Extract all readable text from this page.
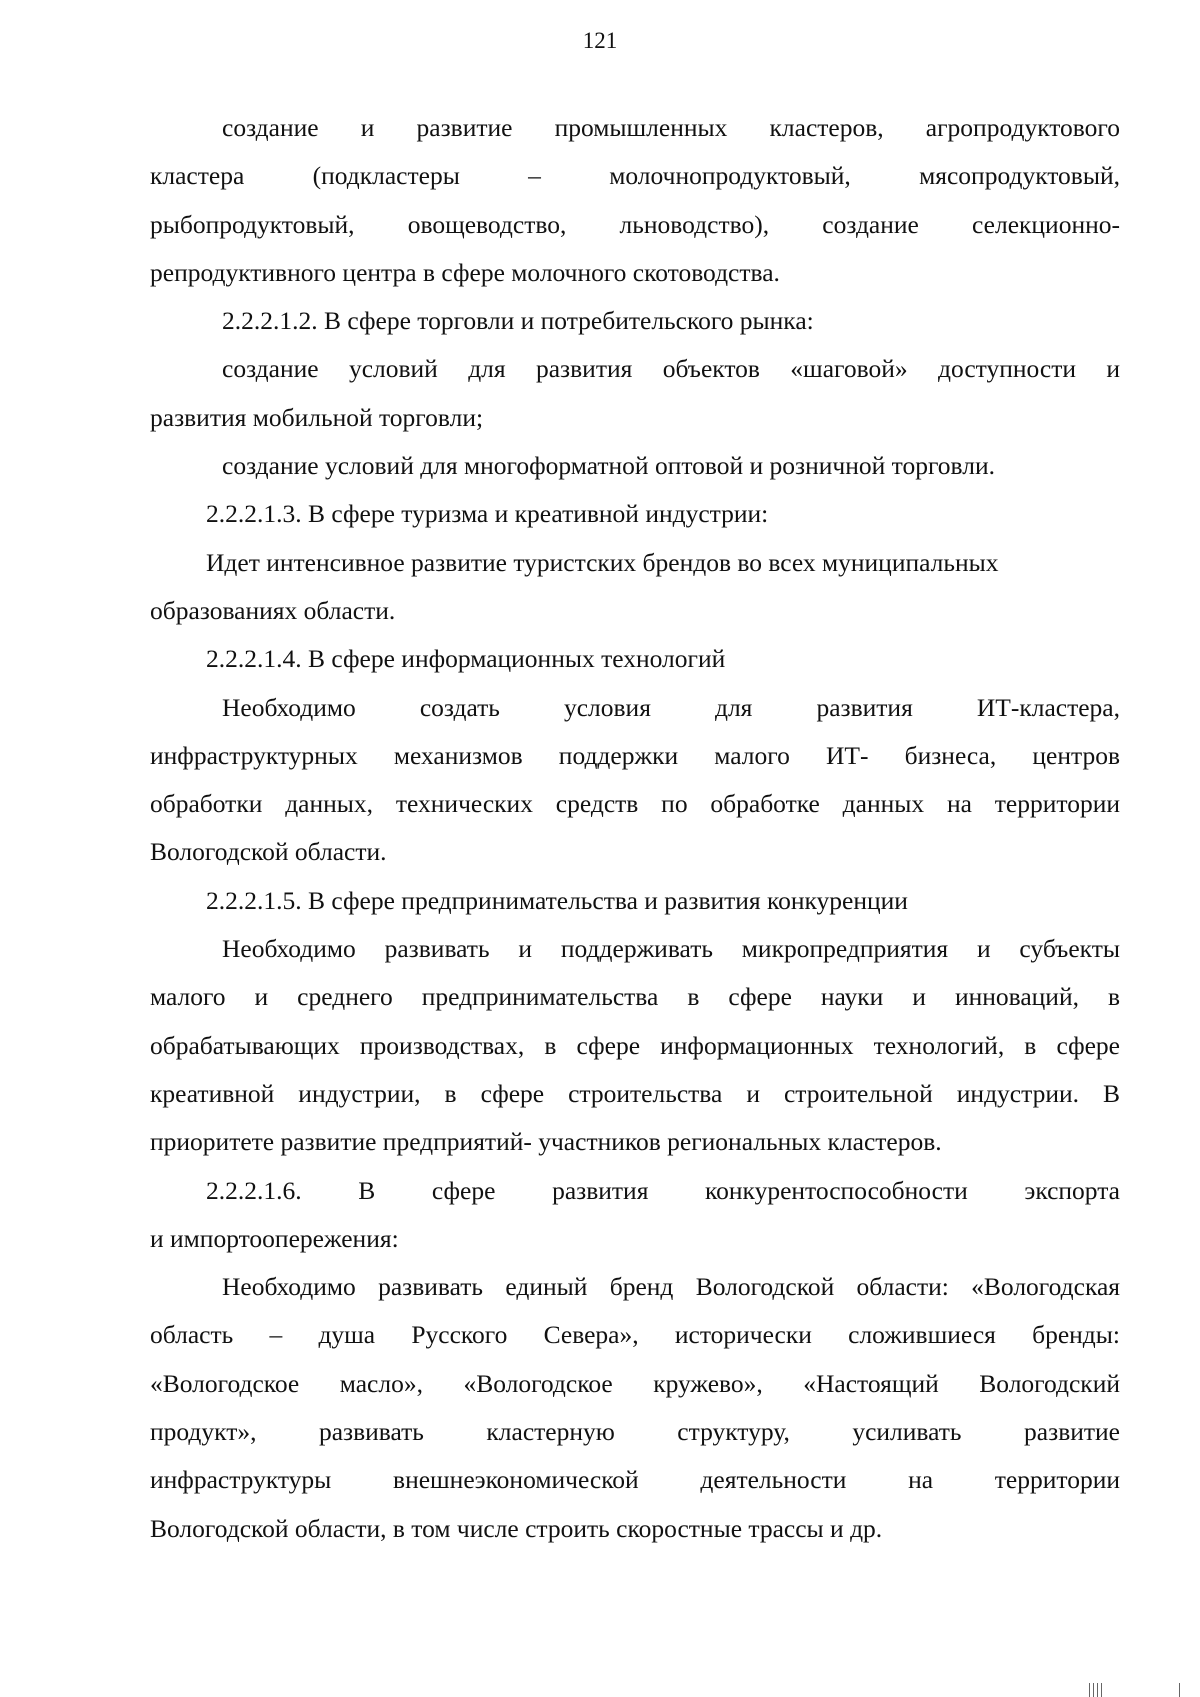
121
создание и развитие промышленных кластеров, агропродуктового
кластера (подкластеры – молочнопродуктовый, мясопродуктовый,
рыбопродуктовый, овощеводство, льноводство), создание селекционно-
репродуктивного центра в сфере молочного скотоводства.
2.2.2.1.2. В сфере торговли и потребительского рынка:
создание условий для развития объектов «шаговой» доступности и
развития мобильной торговли;
создание условий для многоформатной оптовой и розничной торговли.
2.2.2.1.3. В сфере туризма и креативной индустрии:
Идет интенсивное развитие туристских брендов во всех муниципальных
образованиях области.
2.2.2.1.4. В сфере информационных технологий
Необходимо создать условия для развития ИТ-кластера,
инфраструктурных механизмов поддержки малого ИТ- бизнеса, центров
обработки данных, технических средств по обработке данных на территории
Вологодской области.
2.2.2.1.5. В сфере предпринимательства и развития конкуренции
Необходимо развивать и поддерживать микропредприятия и субъекты
малого и среднего предпринимательства в сфере науки и инноваций, в
обрабатывающих производствах, в сфере информационных технологий, в сфере
креативной индустрии, в сфере строительства и строительной индустрии. В
приоритете развитие предприятий- участников региональных кластеров.
2.2.2.1.6. В сфере развития конкурентоспособности экспорта
и импортоопережения:
Необходимо развивать единый бренд Вологодской области: «Вологодская
область – душа Русского Севера», исторически сложившиеся бренды:
«Вологодское масло», «Вологодское кружево», «Настоящий Вологодский
продукт», развивать кластерную структуру, усиливать развитие
инфраструктуры внешнеэкономической деятельности на территории
Вологодской области, в том числе строить скоростные трассы и др.
